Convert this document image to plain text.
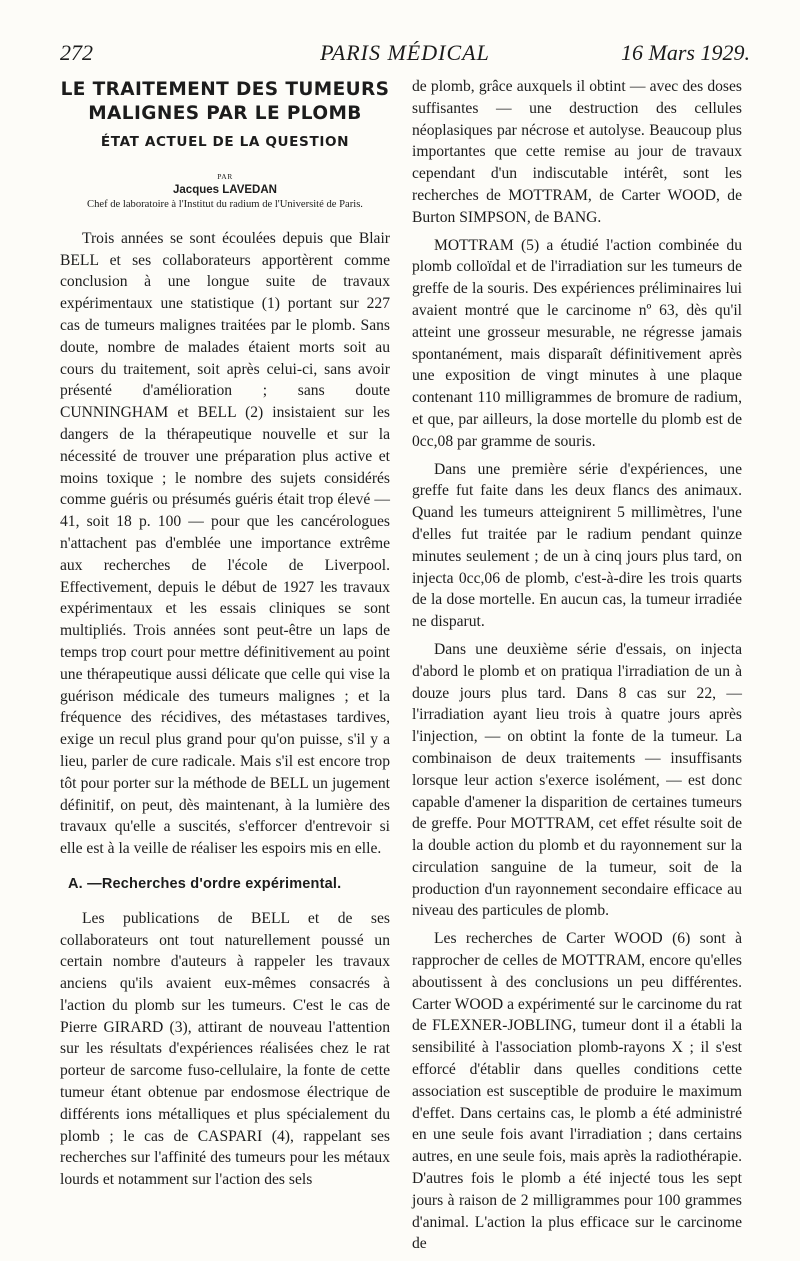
272	PARIS MÉDICAL	16 Mars 1929.
LE TRAITEMENT DES TUMEURS MALIGNES PAR LE PLOMB
ÉTAT ACTUEL DE LA QUESTION

PAR

Jacques LAVEDAN

Chef de laboratoire à l'Institut du radium de l'Université de Paris.

Trois années se sont écoulées depuis que Blair BELL et ses collaborateurs apportèrent comme conclusion à une longue suite de travaux expérimentaux une statistique (1) portant sur 227 cas de tumeurs malignes traitées par le plomb. Sans doute, nombre de malades étaient morts soit au cours du traitement, soit après celui-ci, sans avoir présenté d'amélioration ; sans doute CUNNINGHAM et BELL (2) insistaient sur les dangers de la thérapeutique nouvelle et sur la nécessité de trouver une préparation plus active et moins toxique ; le nombre des sujets considérés comme guéris ou présumés guéris était trop élevé — 41, soit 18 p. 100 — pour que les cancérologues n'attachent pas d'emblée une importance extrême aux recherches de l'école de Liverpool. Effectivement, depuis le début de 1927 les travaux expérimentaux et les essais cliniques se sont multipliés. Trois années sont peut-être un laps de temps trop court pour mettre définitivement au point une thérapeutique aussi délicate que celle qui vise la guérison médicale des tumeurs malignes ; et la fréquence des récidives, des métastases tardives, exige un recul plus grand pour qu'on puisse, s'il y a lieu, parler de cure radicale. Mais s'il est encore trop tôt pour porter sur la méthode de BELL un jugement définitif, on peut, dès maintenant, à la lumière des travaux qu'elle a suscités, s'efforcer d'entrevoir si elle est à la veille de réaliser les espoirs mis en elle.

A. —Recherches d'ordre expérimental.

Les publications de BELL et de ses collaborateurs ont tout naturellement poussé un certain nombre d'auteurs à rappeler les travaux anciens qu'ils avaient eux-mêmes consacrés à l'action du plomb sur les tumeurs. C'est le cas de Pierre GIRARD (3), attirant de nouveau l'attention sur les résultats d'expériences réalisées chez le rat porteur de sarcome fuso-cellulaire, la fonte de cette tumeur étant obtenue par endosmose électrique de différents ions métalliques et plus spécialement du plomb ; le cas de CASPARI (4), rappelant ses recherches sur l'affinité des tumeurs pour les métaux lourds et notamment sur l'action des sels

de plomb, grâce auxquels il obtint — avec des doses suffisantes — une destruction des cellules néoplasiques par nécrose et autolyse. Beaucoup plus importantes que cette remise au jour de travaux cependant d'un indiscutable intérêt, sont les recherches de MOTTRAM, de Carter WOOD, de Burton SIMPSON, de BANG.

MOTTRAM (5) a étudié l'action combinée du plomb colloïdal et de l'irradiation sur les tumeurs de greffe de la souris. Des expériences préliminaires lui avaient montré que le carcinome nº 63, dès qu'il atteint une grosseur mesurable, ne régresse jamais spontanément, mais disparaît définitivement après une exposition de vingt minutes à une plaque contenant 110 milligrammes de bromure de radium, et que, par ailleurs, la dose mortelle du plomb est de 0cc,08 par gramme de souris.

Dans une première série d'expériences, une greffe fut faite dans les deux flancs des animaux. Quand les tumeurs atteignirent 5 millimètres, l'une d'elles fut traitée par le radium pendant quinze minutes seulement ; de un à cinq jours plus tard, on injecta 0cc,06 de plomb, c'est-à-dire les trois quarts de la dose mortelle. En aucun cas, la tumeur irradiée ne disparut.

Dans une deuxième série d'essais, on injecta d'abord le plomb et on pratiqua l'irradiation de un à douze jours plus tard. Dans 8 cas sur 22, — l'irradiation ayant lieu trois à quatre jours après l'injection, — on obtint la fonte de la tumeur. La combinaison de deux traitements — insuffisants lorsque leur action s'exerce isolément, — est donc capable d'amener la disparition de certaines tumeurs de greffe. Pour MOTTRAM, cet effet résulte soit de la double action du plomb et du rayonnement sur la circulation sanguine de la tumeur, soit de la production d'un rayonnement secondaire efficace au niveau des particules de plomb.

Les recherches de Carter WOOD (6) sont à rapprocher de celles de MOTTRAM, encore qu'elles aboutissent à des conclusions un peu différentes. Carter WOOD a expérimenté sur le carcinome du rat de FLEXNER-JOBLING, tumeur dont il a établi la sensibilité à l'association plomb-rayons X ; il s'est efforcé d'établir dans quelles conditions cette association est susceptible de produire le maximum d'effet. Dans certains cas, le plomb a été administré en une seule fois avant l'irradiation ; dans certains autres, en une seule fois, mais après la radiothérapie. D'autres fois le plomb a été injecté tous les sept jours à raison de 2 milligrammes pour 100 grammes d'animal. L'action la plus efficace sur le carcinome de
